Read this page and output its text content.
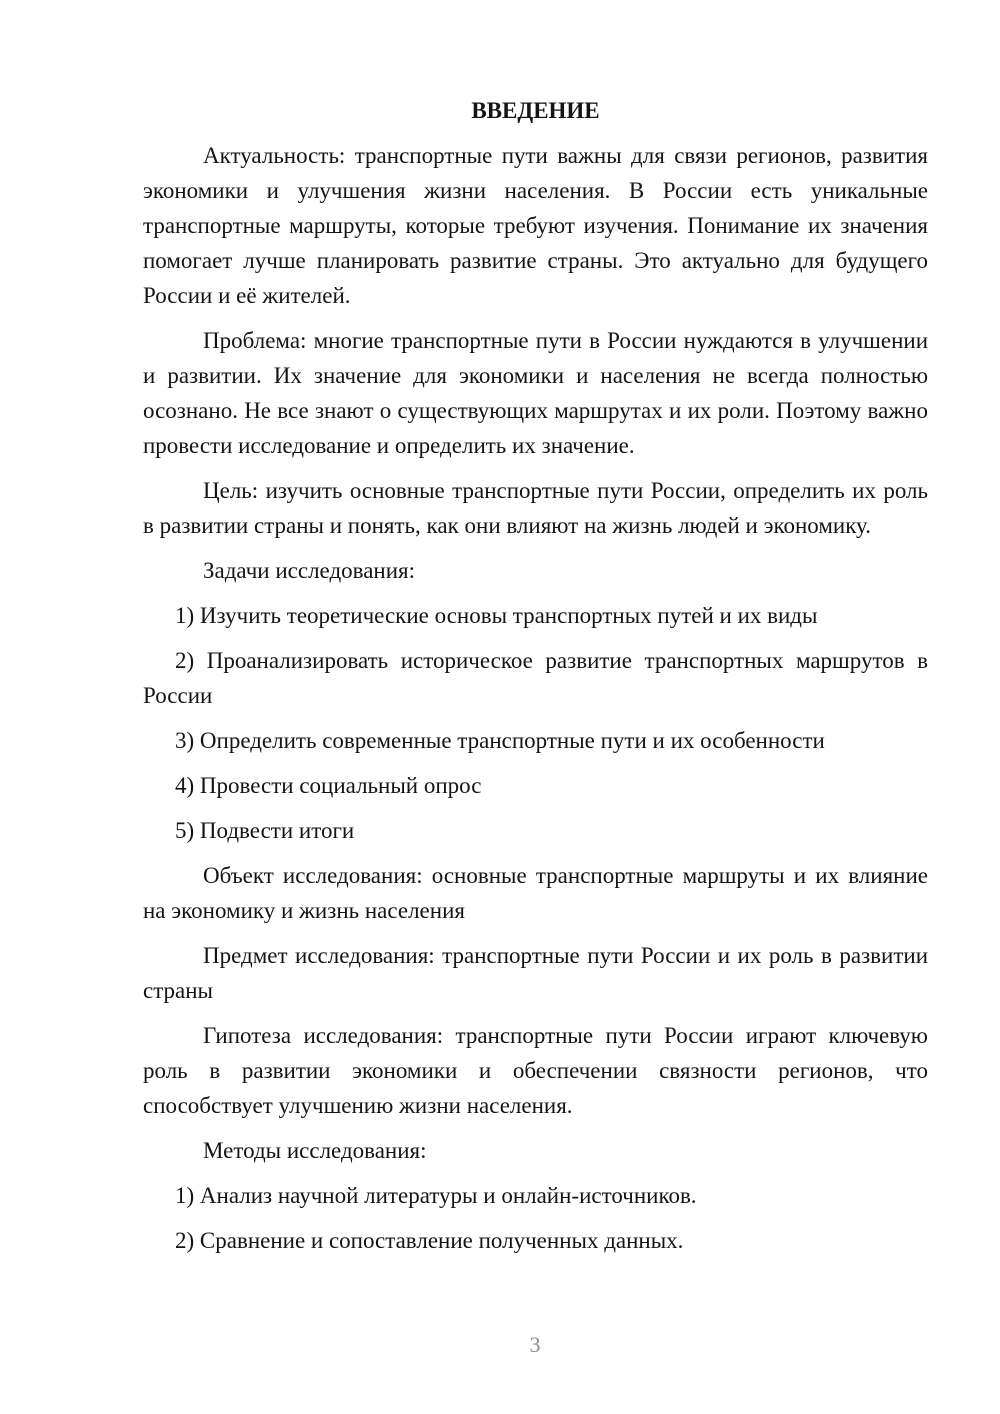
ВВЕДЕНИЕ

Актуальность: транспортные пути важны для связи регионов, развития экономики и улучшения жизни населения. В России есть уникальные транспортные маршруты, которые требуют изучения. Понимание их значения помогает лучше планировать развитие страны. Это актуально для будущего России и её жителей.

Проблема: многие транспортные пути в России нуждаются в улучшении и развитии. Их значение для экономики и населения не всегда полностью осознано. Не все знают о существующих маршрутах и их роли. Поэтому важно провести исследование и определить их значение.

Цель: изучить основные транспортные пути России, определить их роль в развитии страны и понять, как они влияют на жизнь людей и экономику.

Задачи исследования:

1) Изучить теоретические основы транспортных путей и их виды

2) Проанализировать историческое развитие транспортных маршрутов в России

3) Определить современные транспортные пути и их особенности

4) Провести социальный опрос

5) Подвести итоги

Объект исследования: основные транспортные маршруты и их влияние на экономику и жизнь населения

Предмет исследования: транспортные пути России и их роль в развитии страны

Гипотеза исследования: транспортные пути России играют ключевую роль в развитии экономики и обеспечении связности регионов, что способствует улучшению жизни населения.

Методы исследования:

1) Анализ научной литературы и онлайн-источников.

2) Сравнение и сопоставление полученных данных.

3
